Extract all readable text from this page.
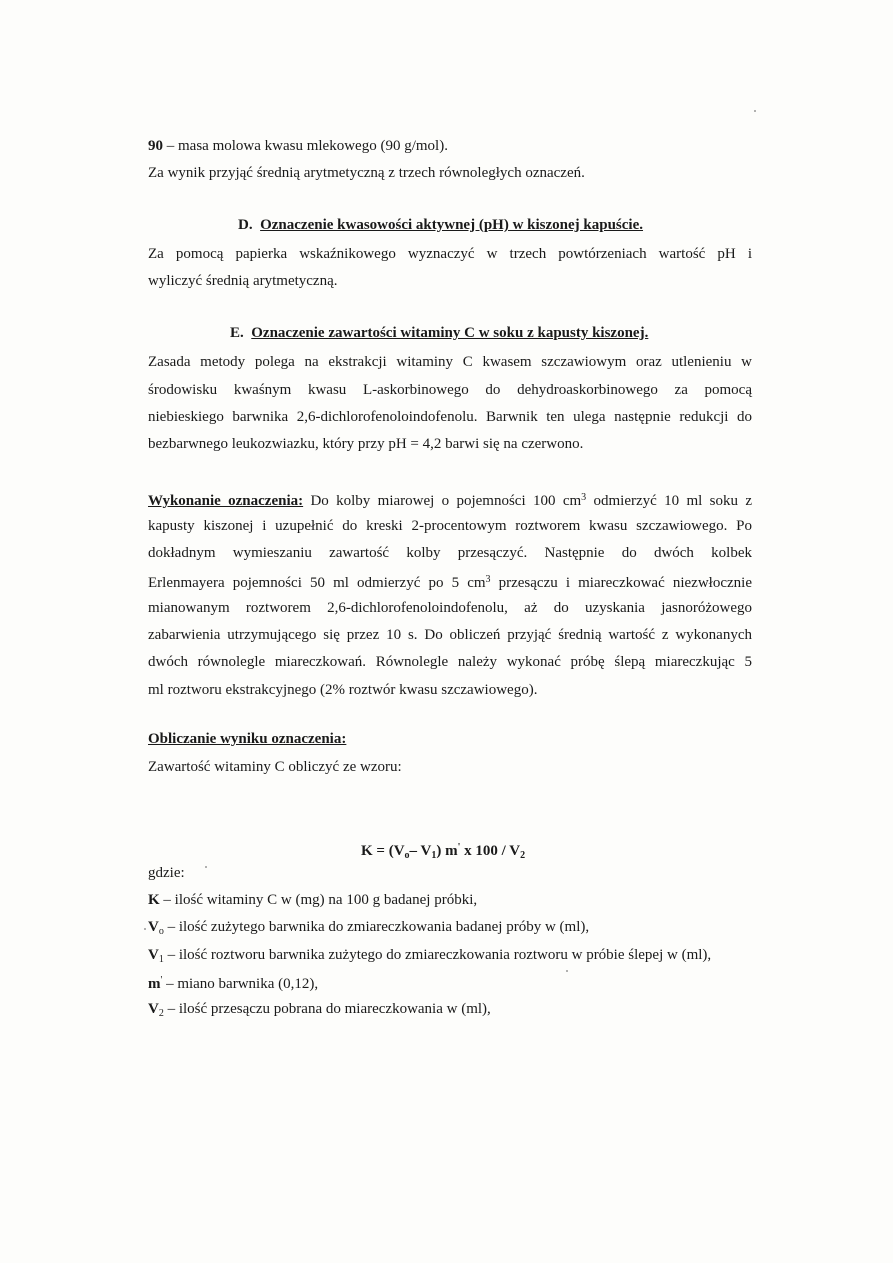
90 – masa molowa kwasu mlekowego (90 g/mol).
Za wynik przyjąć średnią arytmetyczną z trzech równoległych oznaczeń.
D. Oznaczenie kwasowości aktywnej (pH) w kiszonej kapuście.
Za pomocą papierka wskaźnikowego wyznaczyć w trzech powtórzeniach wartość pH i
wyliczyć średnią arytmetyczną.
E. Oznaczenie zawartości witaminy C w soku z kapusty kiszonej.
Zasada metody polega na ekstrakcji witaminy C kwasem szczawiowym oraz utlenieniu w
środowisku kwaśnym kwasu L-askorbinowego do dehydroaskorbinowego za pomocą
niebieskiego barwnika 2,6-dichlorofenoloindofenolu. Barwnik ten ulega następnie redukcji do
bezbarwnego leukozwiazku, który przy pH = 4,2 barwi się na czerwono.
Wykonanie oznaczenia: Do kolby miarowej o pojemności 100 $cm^3$ odmierzyć 10 ml soku z
kapusty kiszonej i uzupełnić do kreski 2-procentowym roztworem kwasu szczawiowego. Po
dokładnym wymieszaniu zawartość kolby przesączyć. Następnie do dwóch kolbek
Erlenmayera pojemności 50 ml odmierzyć po 5 $cm^3$ przesączu i miareczkować niezwłocznie
mianowanym roztworem 2,6-dichlorofenoloindofenolu, aż do uzyskania jasnoróżowego
zabarwienia utrzymującego się przez 10 s. Do obliczeń przyjąć średnią wartość z wykonanych
dwóch równolegle miareczkowań. Równolegle należy wykonać próbę ślepą miareczkując 5
ml roztworu ekstrakcyjnego (2% roztwór kwasu szczawiowego).
Obliczanie wyniku oznaczenia:
Zawartość witaminy C obliczyć ze wzoru:
$K = (V_o-$ $V_1$) m' x $100 / V_2$
gdzie:
K – ilość witaminy C w (mg) na 100 g badanej próbki,
$V_o$ – ilość zużytego barwnika do zmiareczkowania badanej próby w (ml),
$V_1$ – ilość roztworu barwnika zużytego do zmiareczkowania roztworu w próbie ślepej w (ml),
m' – miano barwnika (0,12),
$V_2$ – ilość przesączu pobrana do miareczkowania w (ml),
